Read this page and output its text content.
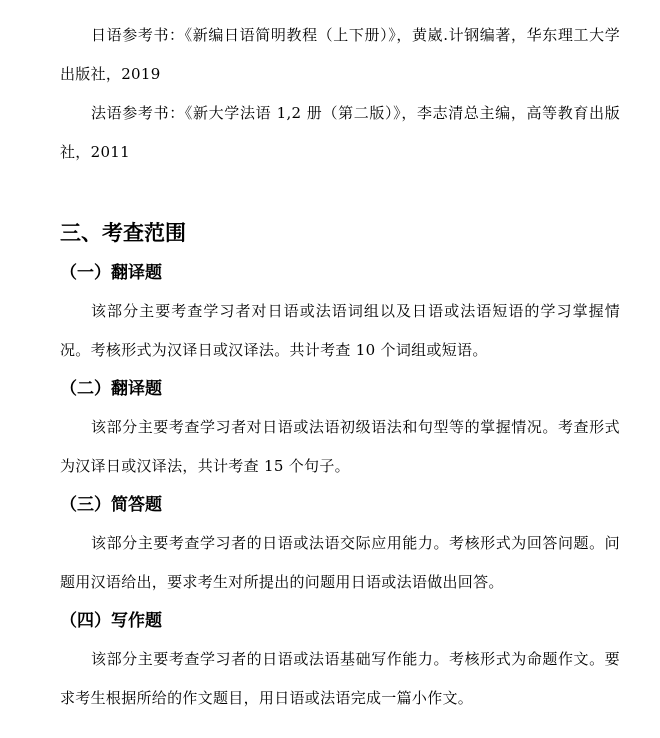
日语参考书：《新编日语简明教程（上下册）》，黄崴.计钢编著，华东理工大学出版社，2019

法语参考书：《新大学法语 1,2 册（第二版）》，李志清总主编，高等教育出版社，2011

三、考查范围
（一）翻译题

该部分主要考查学习者对日语或法语词组以及日语或法语短语的学习掌握情况。考核形式为汉译日或汉译法。共计考查 10 个词组或短语。

（二）翻译题

该部分主要考查学习者对日语或法语初级语法和句型等的掌握情况。考查形式为汉译日或汉译法，共计考查 15 个句子。

（三）简答题

该部分主要考查学习者的日语或法语交际应用能力。考核形式为回答问题。问题用汉语给出，要求考生对所提出的问题用日语或法语做出回答。

（四）写作题

该部分主要考查学习者的日语或法语基础写作能力。考核形式为命题作文。要求考生根据所给的作文题目，用日语或法语完成一篇小作文。
